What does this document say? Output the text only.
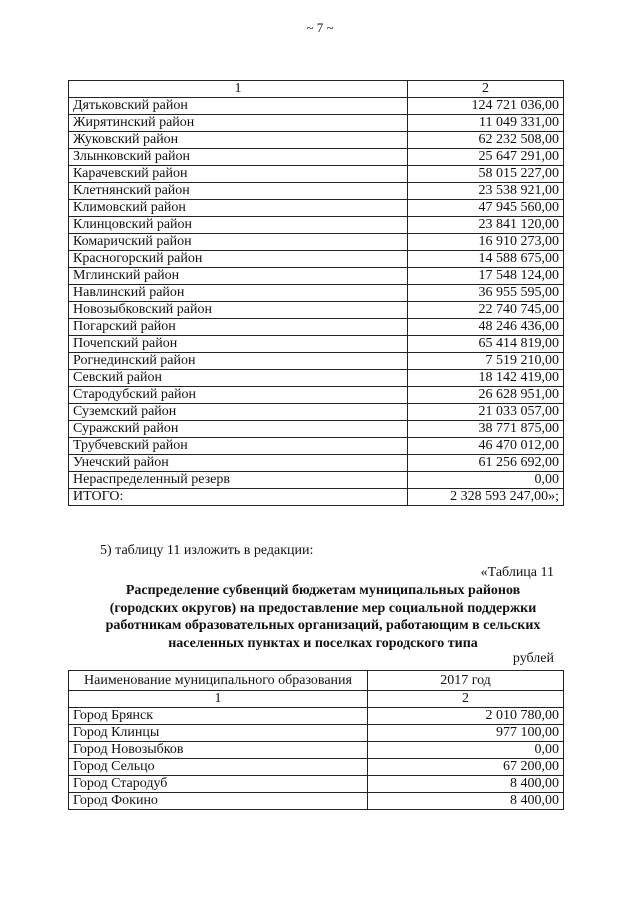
~ 7 ~
1	2
Дятьковский район	124 721 036,00
Жирятинский район	11 049 331,00
Жуковский район	62 232 508,00
Злынковский район	25 647 291,00
Карачевский район	58 015 227,00
Клетнянский район	23 538 921,00
Климовский район	47 945 560,00
Клинцовский район	23 841 120,00
Комаричский район	16 910 273,00
Красногорский район	14 588 675,00
Мглинский район	17 548 124,00
Навлинский район	36 955 595,00
Новозыбковский район	22 740 745,00
Погарский район	48 246 436,00
Почепский район	65 414 819,00
Рогнединский район	7 519 210,00
Севский район	18 142 419,00
Стародубский район	26 628 951,00
Суземский район	21 033 057,00
Суражский район	38 771 875,00
Трубчевский район	46 470 012,00
Унечский район	61 256 692,00
Нераспределенный резерв	0,00
ИТОГО:	2 328 593 247,00»;
5) таблицу 11 изложить в редакции:
«Таблица 11
Распределение субвенций бюджетам муниципальных районов
(городских округов) на предоставление мер социальной поддержки
работникам образовательных организаций, работающим в сельских
населенных пунктах и поселках городского типа
рублей
Наименование муниципального образования	2017 год
1	2
Город Брянск	2 010 780,00
Город Клинцы	977 100,00
Город Новозыбков	0,00
Город Сельцо	67 200,00
Город Стародуб	8 400,00
Город Фокино	8 400,00
